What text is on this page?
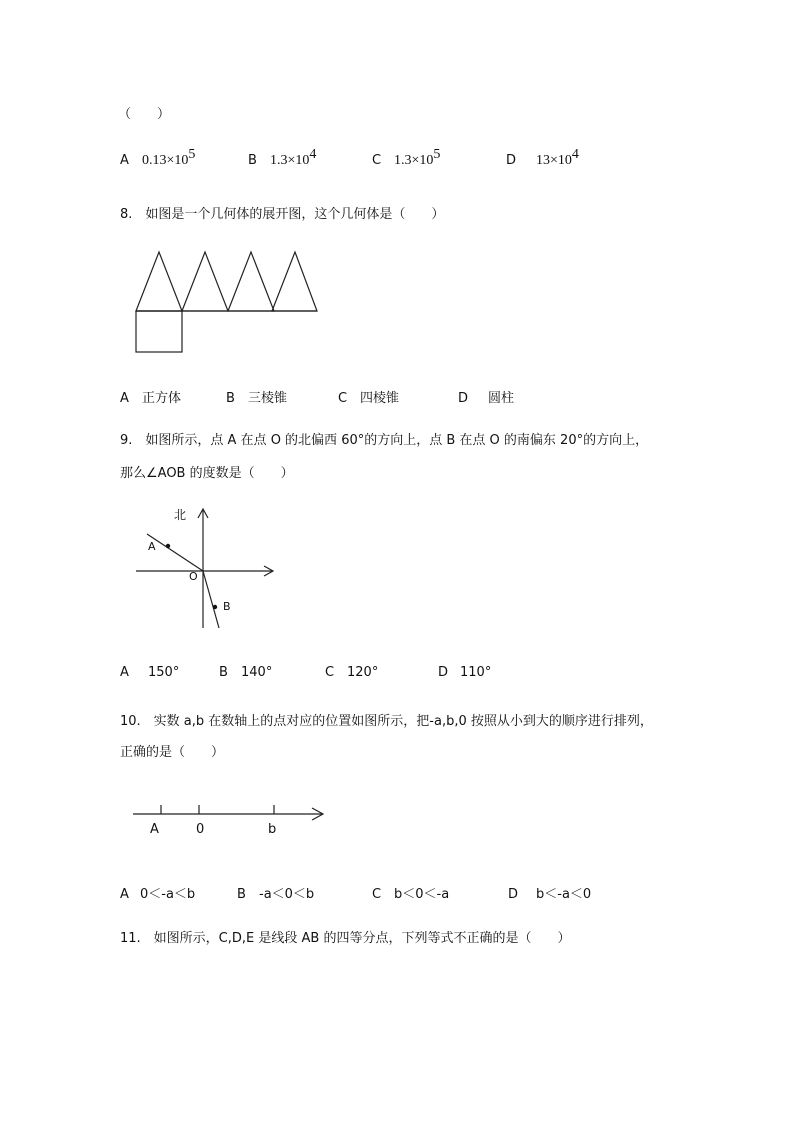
（　　）
A $0.13\times 10^5$	B $1.3\times 10^4$	C $1.3\times 10^5$	D $13\times 10^4$
8.　如图是一个几何体的展开图，这个几何体是（　　）
A 正方体	B 三棱锥	C 四棱锥	D 圆柱
9.　如图所示，点 A 在点 O 的北偏西 60°的方向上，点 B 在点 O 的南偏东 20°的方向上，
那么∠AOB 的度数是（　　）
北
A
O
B
A 150°	B 140°	C 120°	D 110°
10.　实数 a,b 在数轴上的点对应的位置如图所示，把-a,b,0 按照从小到大的顺序进行排列，
正确的是（　　）
A	0	b
A 0＜-a＜b	B -a＜0＜b	C b＜0＜-a	D b＜-a＜0
11.　如图所示，C,D,E 是线段 AB 的四等分点，下列等式不正确的是（　　）
